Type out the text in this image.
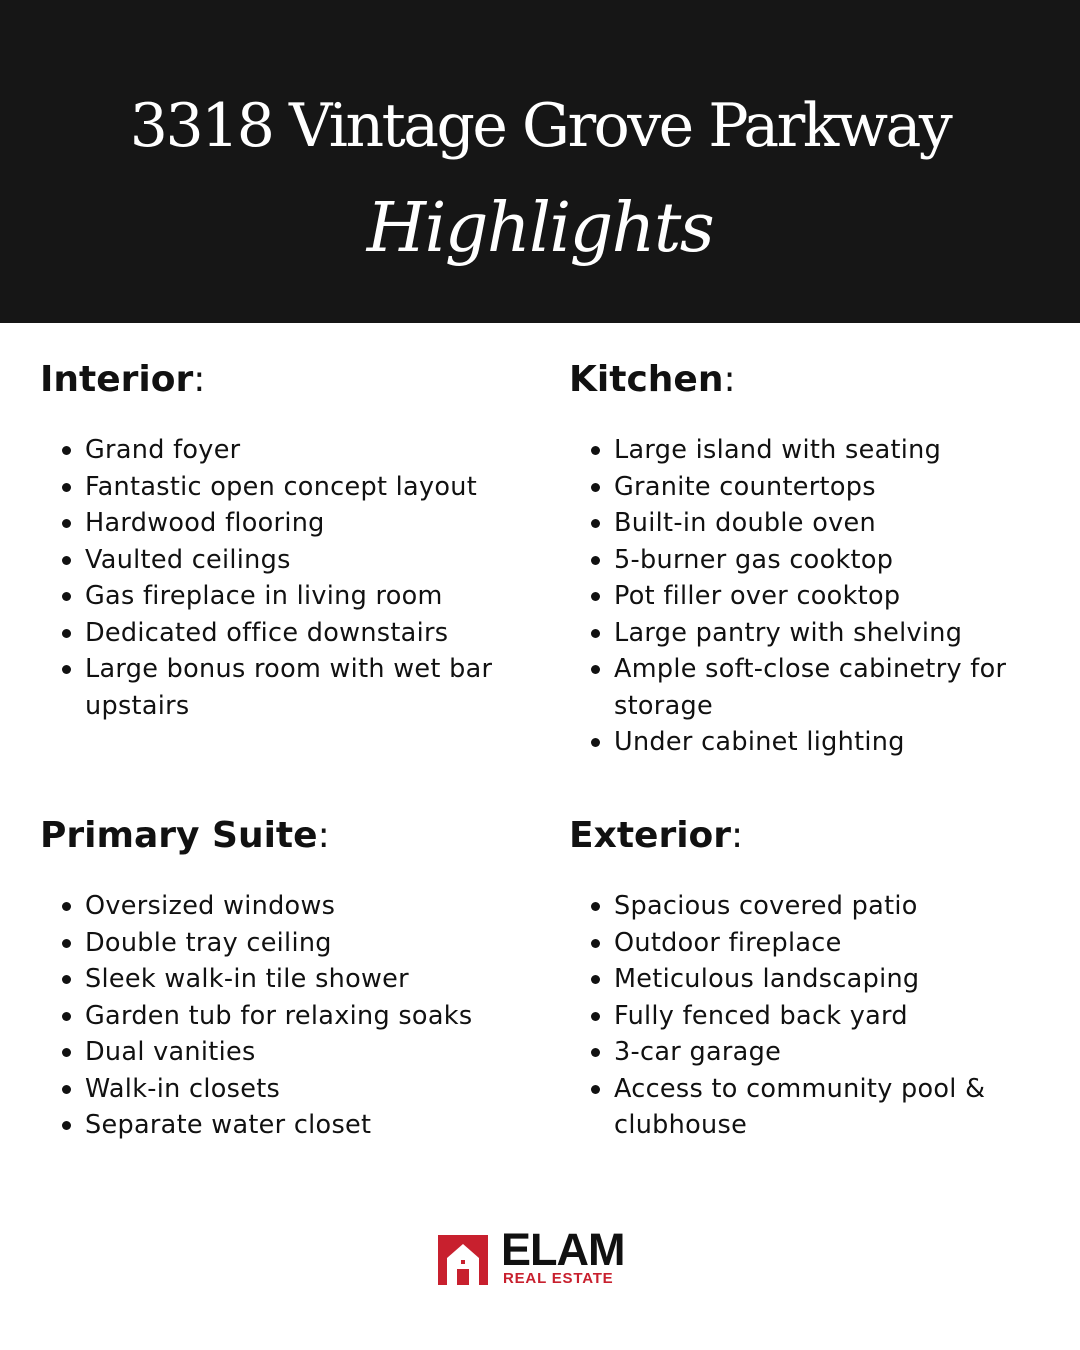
3318 Vintage Grove Parkway
Highlights
Interior:
Grand foyer
Fantastic open concept layout
Hardwood flooring
Vaulted ceilings
Gas fireplace in living room
Dedicated office downstairs
Large bonus room with wet bar upstairs
Kitchen:
Large island with seating
Granite countertops
Built-in double oven
5-burner gas cooktop
Pot filler over cooktop
Large pantry with shelving
Ample soft-close cabinetry for storage
Under cabinet lighting
Primary Suite:
Oversized windows
Double tray ceiling
Sleek walk-in tile shower
Garden tub for relaxing soaks
Dual vanities
Walk-in closets
Separate water closet
Exterior:
Spacious covered patio
Outdoor fireplace
Meticulous landscaping
Fully fenced back yard
3-car garage
Access to community pool & clubhouse
ELAM
REAL ESTATE
